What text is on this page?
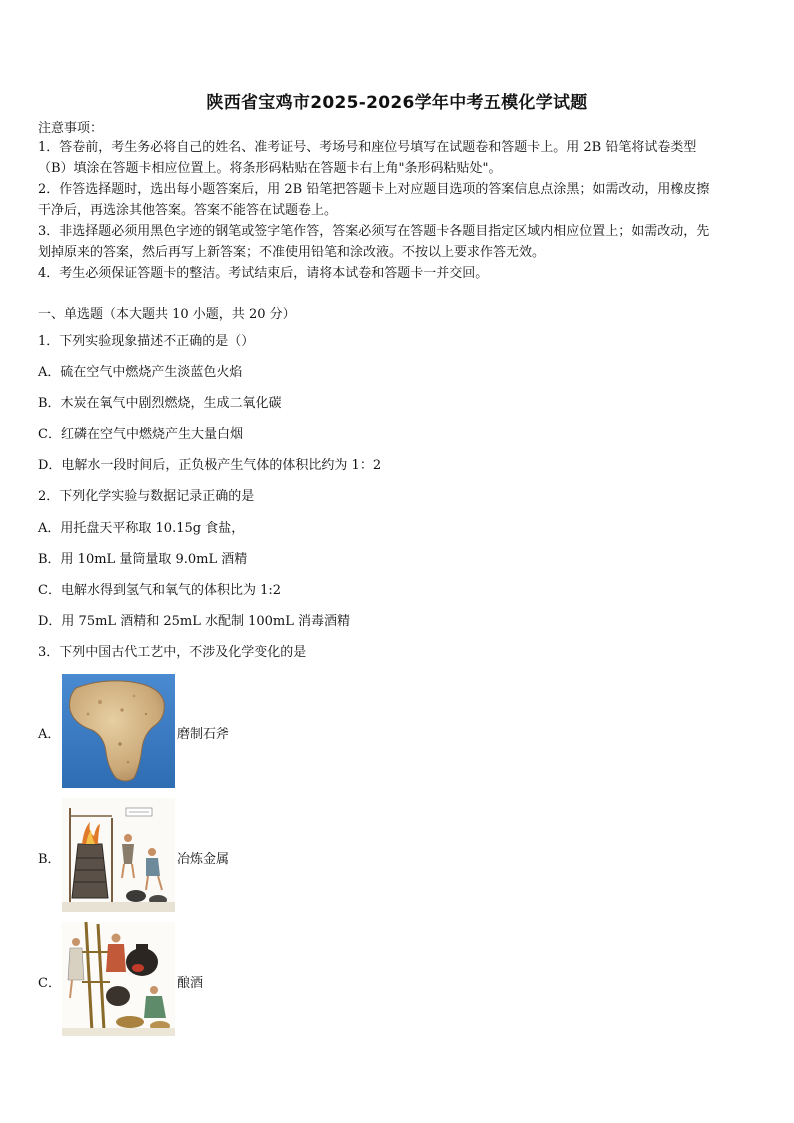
陕西省宝鸡市2025-2026学年中考五模化学试题
注意事项：
1．答卷前，考生务必将自己的姓名、准考证号、考场号和座位号填写在试题卷和答题卡上。用 2B 铅笔将试卷类型
（B）填涂在答题卡相应位置上。将条形码粘贴在答题卡右上角"条形码粘贴处"。
2．作答选择题时，选出每小题答案后，用 2B 铅笔把答题卡上对应题目选项的答案信息点涂黑；如需改动，用橡皮擦
干净后，再选涂其他答案。答案不能答在试题卷上。
3．非选择题必须用黑色字迹的钢笔或签字笔作答，答案必须写在答题卡各题目指定区域内相应位置上；如需改动，先
划掉原来的答案，然后再写上新答案；不准使用铅笔和涂改液。不按以上要求作答无效。
4．考生必须保证答题卡的整洁。考试结束后，请将本试卷和答题卡一并交回。
一、单选题（本大题共 10 小题，共 20 分）
1．下列实验现象描述不正确的是（）
A．硫在空气中燃烧产生淡蓝色火焰
B．木炭在氧气中剧烈燃烧，生成二氧化碳
C．红磷在空气中燃烧产生大量白烟
D．电解水一段时间后，正负极产生气体的体积比约为 1：2
2．下列化学实验与数据记录正确的是
A．用托盘天平称取 10.15g 食盐，
B．用 10mL 量筒量取 9.0mL 酒精
C．电解水得到氢气和氧气的体积比为 1:2
D．用 75mL 酒精和 25mL 水配制 100mL 消毒酒精
3．下列中国古代工艺中，不涉及化学变化的是
A．	磨制石斧
B．	冶炼金属
C．	酿酒
